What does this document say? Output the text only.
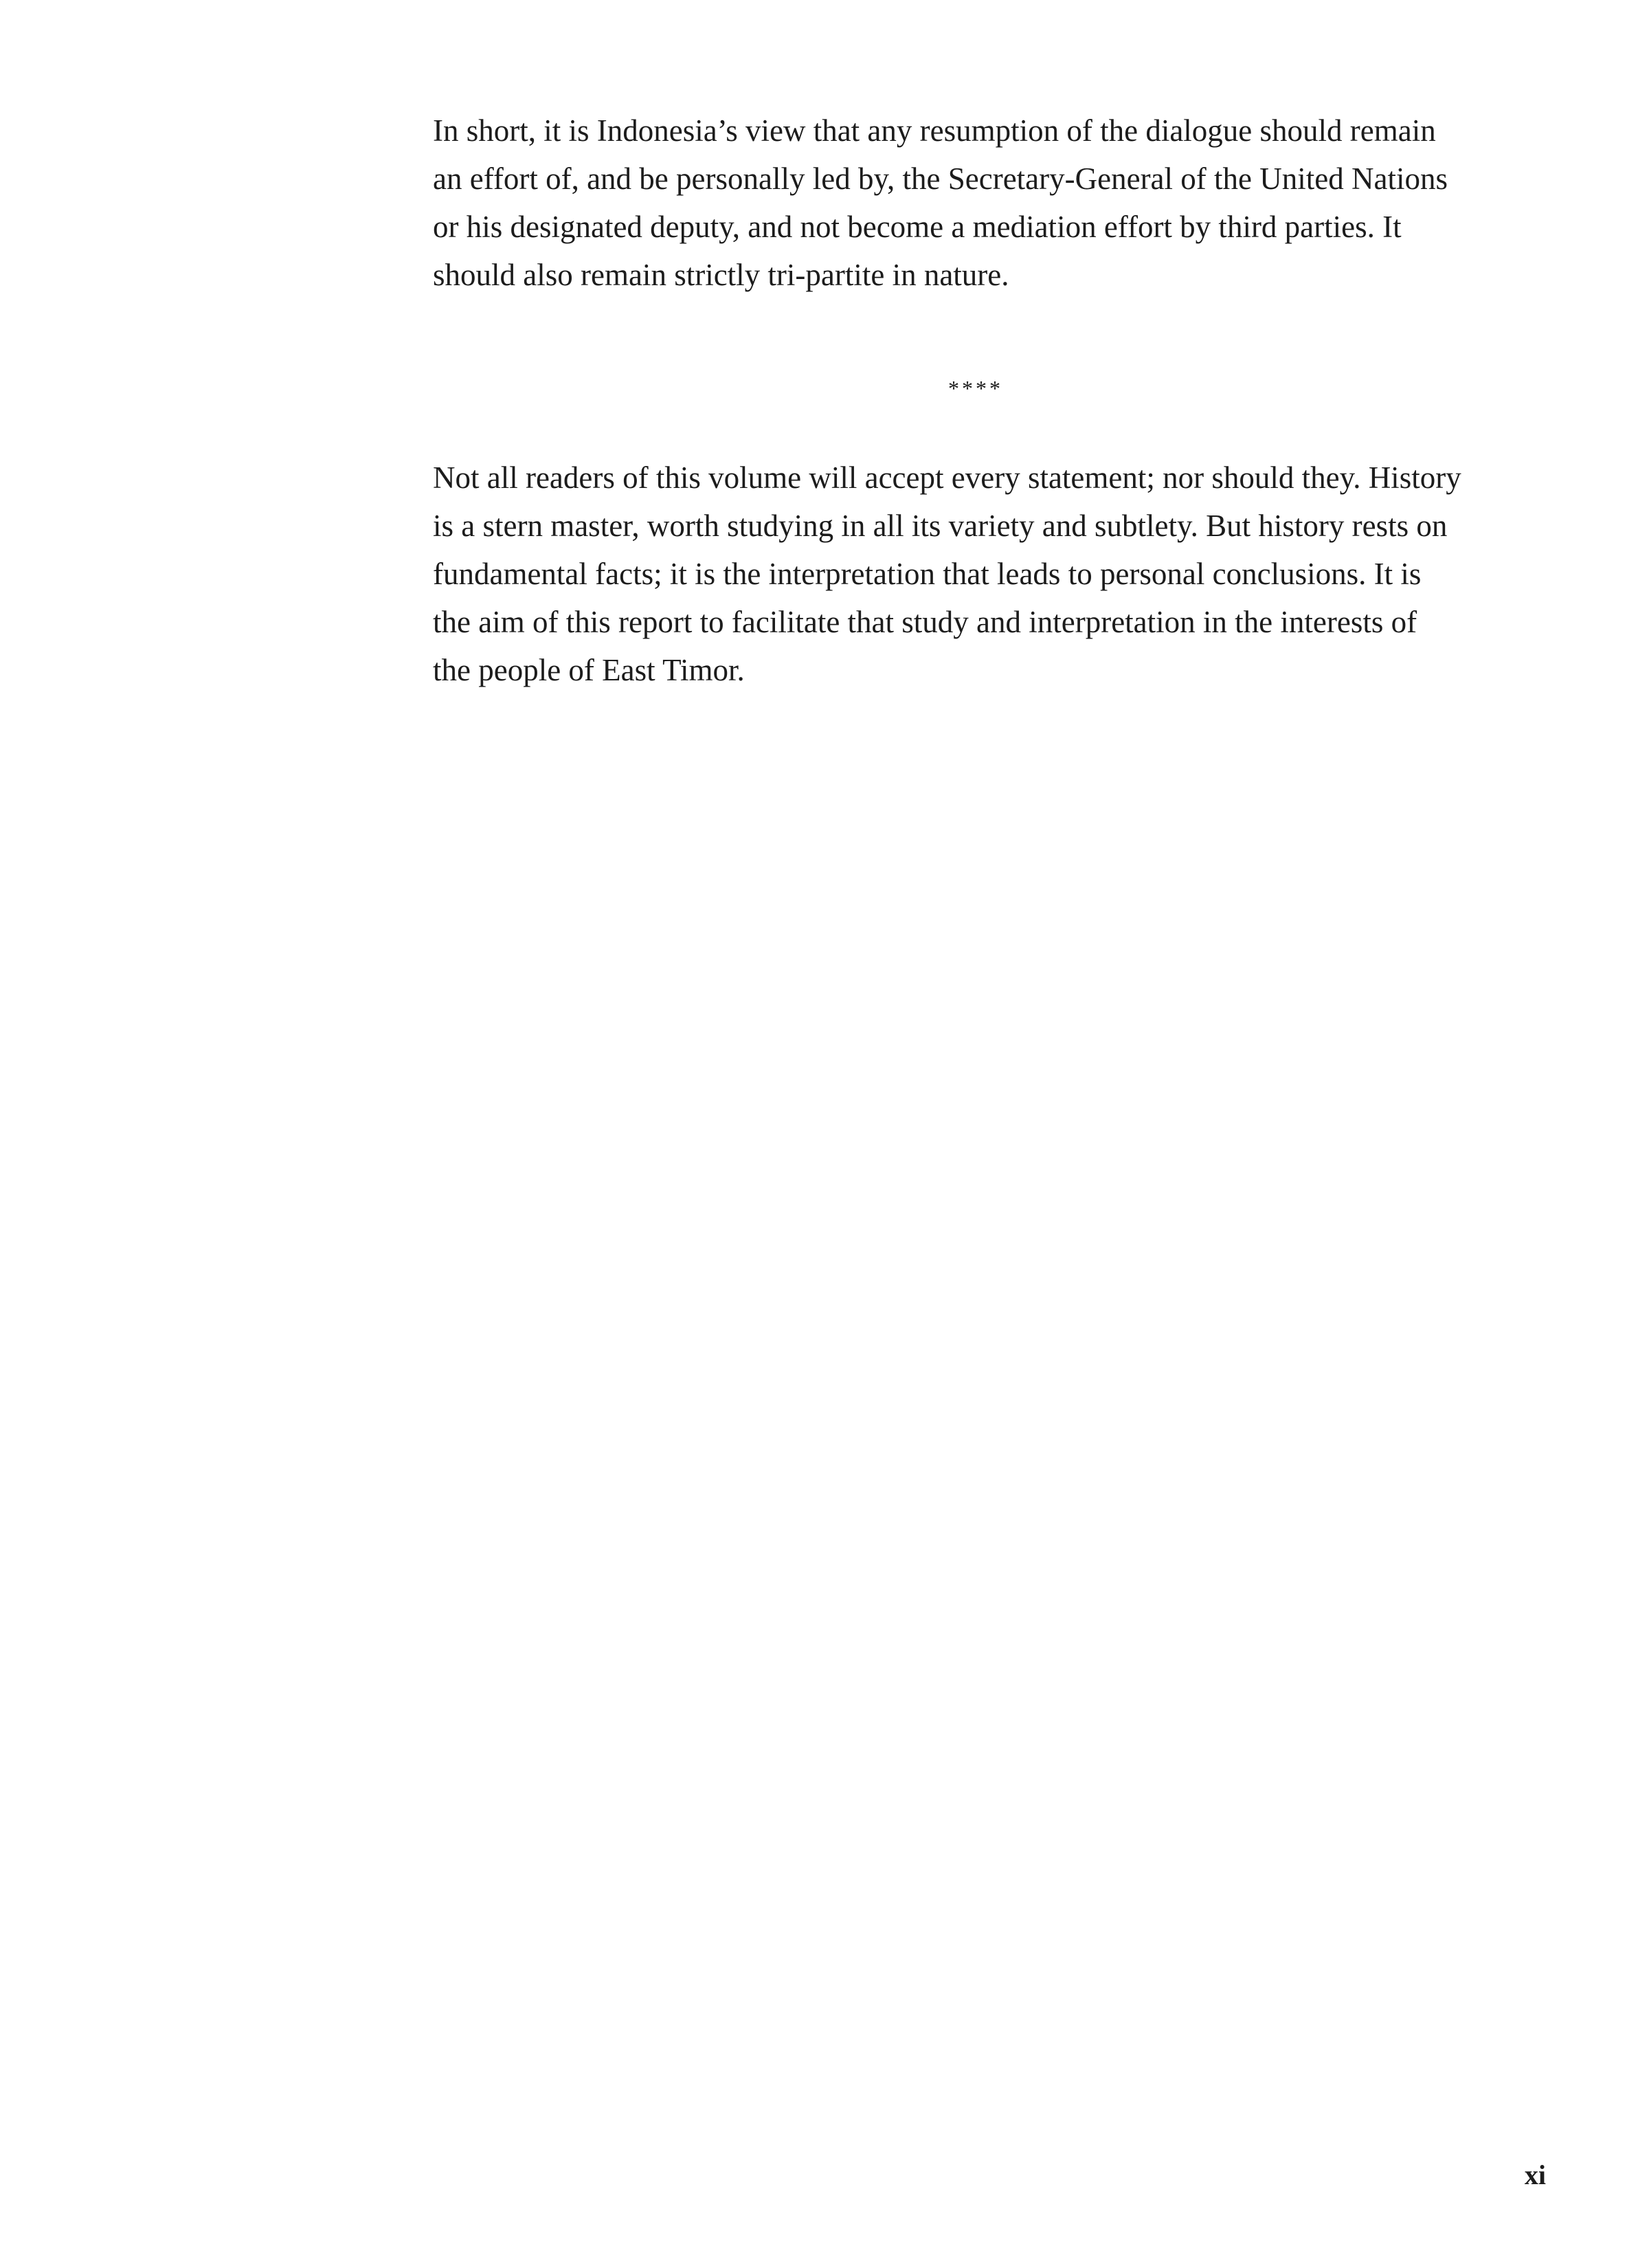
In short, it is Indonesia’s view that any resumption of the dialogue should remain
an effort of, and be personally led by, the Secretary-General of the United Nations
or his designated deputy, and not become a mediation effort by third parties. It
should also remain strictly tri-partite in nature.

****

Not all readers of this volume will accept every statement; nor should they. History
is a stern master, worth studying in all its variety and subtlety. But history rests on
fundamental facts; it is the interpretation that leads to personal conclusions. It is
the aim of this report to facilitate that study and interpretation in the interests of
the people of East Timor.

xi
